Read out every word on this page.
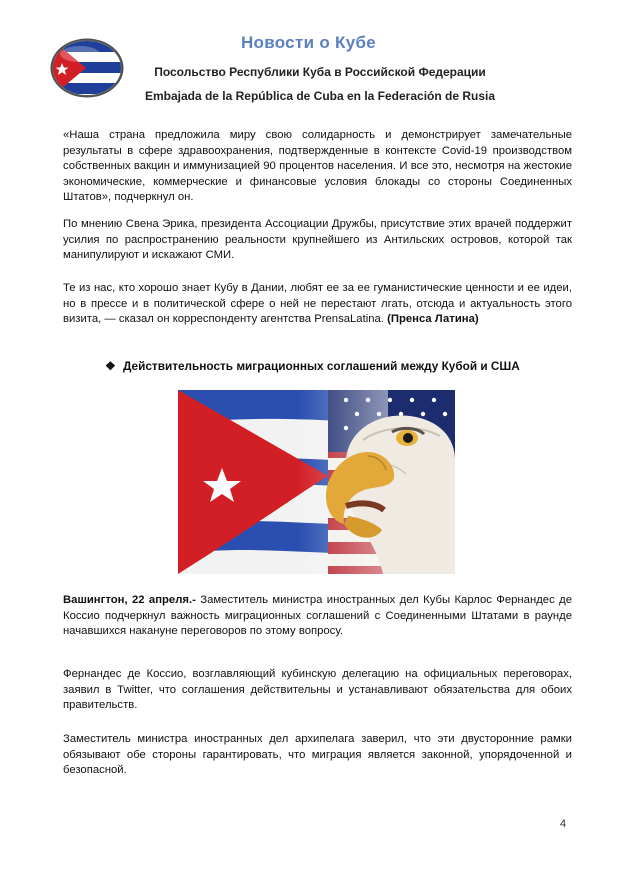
Новости о Кубе
Посольство Республики Куба в Российской Федерации
Embajada de la República de Cuba en la Federación de Rusia
«Наша страна предложила миру свою солидарность и демонстрирует замечательные результаты в сфере здравоохранения, подтвержденные в контексте Covid-19 производством собственных вакцин и иммунизацией 90 процентов населения. И все это, несмотря на жестокие экономические, коммерческие и финансовые условия блокады со стороны Соединенных Штатов», подчеркнул он.
По мнению Свена Эрика, президента Ассоциации Дружбы, присутствие этих врачей поддержит усилия по распространению реальности крупнейшего из Антильских островов, которой так манипулируют и искажают СМИ.
Те из нас, кто хорошо знает Кубу в Дании, любят ее за ее гуманистические ценности и ее идеи, но в прессе и в политической сфере о ней не перестают лгать, отсюда и актуальность этого визита, — сказал он корреспонденту агентства PrensaLatina. (Пренса Латина)
❖ Действительность миграционных соглашений между Кубой и США
Вашингтон, 22 апреля.- Заместитель министра иностранных дел Кубы Карлос Фернандес де Коссио подчеркнул важность миграционных соглашений с Соединенными Штатами в раунде начавшихся накануне переговоров по этому вопросу.
Фернандес де Коссио, возглавляющий кубинскую делегацию на официальных переговорах, заявил в Twitter, что соглашения действительны и устанавливают обязательства для обоих правительств.
Заместитель министра иностранных дел архипелага заверил, что эти двусторонние рамки обязывают обе стороны гарантировать, что миграция является законной, упорядоченной и безопасной.
4
